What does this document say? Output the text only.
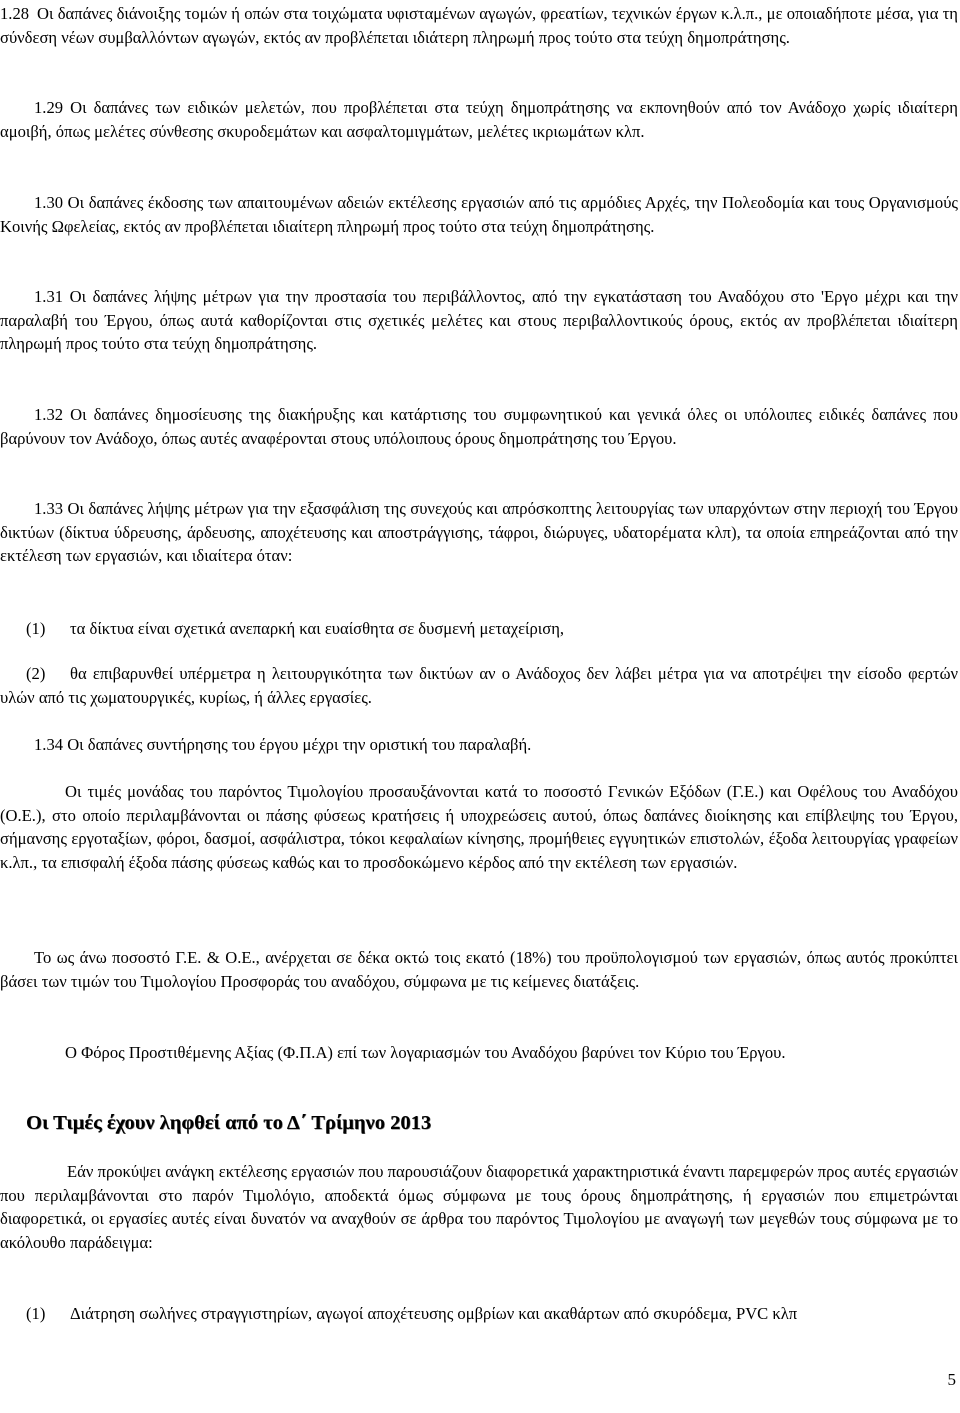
1.28 Οι δαπάνες διάνοιξης τομών ή οπών στα τοιχώματα υφισταμένων αγωγών, φρεατίων, τεχνικών έργων κ.λ.π., με οποιαδήποτε μέσα, για τη σύνδεση νέων συμβαλλόντων αγωγών, εκτός αν προβλέπεται ιδιάτερη πληρωμή προς τούτο στα τεύχη δημοπράτησης.

1.29 Οι δαπάνες των ειδικών μελετών, που προβλέπεται στα τεύχη δημοπράτησης να εκπονηθούν από τον Ανάδοχο χωρίς ιδιαίτερη αμοιβή, όπως μελέτες σύνθεσης σκυροδεμάτων και ασφαλτομιγμάτων, μελέτες ικριωμάτων κλπ.

1.30 Οι δαπάνες έκδοσης των απαιτουμένων αδειών εκτέλεσης εργασιών από τις αρμόδιες Αρχές, την Πολεοδομία και τους Οργανισμούς Κοινής Ωφελείας, εκτός αν προβλέπεται ιδιαίτερη πληρωμή προς τούτο στα τεύχη δημοπράτησης.

1.31 Οι δαπάνες λήψης μέτρων για την προστασία του περιβάλλοντος, από την εγκατάσταση του Αναδόχου στο 'Εργο μέχρι και την παραλαβή του Έργου, όπως αυτά καθορίζονται στις σχετικές μελέτες και στους περιβαλλοντικούς όρους, εκτός αν προβλέπεται ιδιαίτερη πληρωμή προς τούτο στα τεύχη δημοπράτησης.

1.32 Οι δαπάνες δημοσίευσης της διακήρυξης και κατάρτισης του συμφωνητικού και γενικά όλες οι υπόλοιπες ειδικές δαπάνες που βαρύνουν τον Ανάδοχο, όπως αυτές αναφέρονται στους υπόλοιπους όρους δημοπράτησης του Έργου.

1.33 Οι δαπάνες λήψης μέτρων για την εξασφάλιση της συνεχούς και απρόσκοπτης λειτουργίας των υπαρχόντων στην περιοχή του Έργου δικτύων (δίκτυα ύδρευσης, άρδευσης, αποχέτευσης και αποστράγγισης, τάφροι, διώρυγες, υδατορέματα κλπ), τα οποία επηρεάζονται από την εκτέλεση των εργασιών, και ιδιαίτερα όταν:

(1) τα δίκτυα είναι σχετικά ανεπαρκή και ευαίσθητα σε δυσμενή μεταχείριση,

(2) θα επιβαρυνθεί υπέρμετρα η λειτουργικότητα των δικτύων αν ο Ανάδοχος δεν λάβει μέτρα για να αποτρέψει την είσοδο φερτών υλών από τις χωματουργικές, κυρίως, ή άλλες εργασίες.

1.34 Οι δαπάνες συντήρησης του έργου μέχρι την οριστική του παραλαβή.

Οι τιμές μονάδας του παρόντος Τιμολογίου προσαυξάνονται κατά το ποσοστό Γενικών Εξόδων (Γ.Ε.) και Οφέλους του Αναδόχου (Ο.Ε.), στο οποίο περιλαμβάνονται οι πάσης φύσεως κρατήσεις ή υποχρεώσεις αυτού, όπως δαπάνες διοίκησης και επίβλεψης του Έργου, σήμανσης εργοταξίων, φόροι, δασμοί, ασφάλιστρα, τόκοι κεφαλαίων κίνησης, προμήθειες εγγυητικών επιστολών, έξοδα λειτουργίας γραφείων κ.λπ., τα επισφαλή έξοδα πάσης φύσεως καθώς και το προσδοκώμενο κέρδος από την εκτέλεση των εργασιών.

Το ως άνω ποσοστό Γ.Ε. & Ο.Ε., ανέρχεται σε δέκα οκτώ τοις εκατό (18%) του προϋπολογισμού των εργασιών, όπως αυτός προκύπτει βάσει των τιμών του Τιμολογίου Προσφοράς του αναδόχου, σύμφωνα με τις κείμενες διατάξεις.

Ο Φόρος Προστιθέμενης Αξίας (Φ.Π.Α) επί των λογαριασμών του Αναδόχου βαρύνει τον Κύριο του Έργου.

Οι Τιμές έχουν ληφθεί από το Δ΄ Τρίμηνο 2013

Εάν προκύψει ανάγκη εκτέλεσης εργασιών που παρουσιάζουν διαφορετικά χαρακτηριστικά έναντι παρεμφερών προς αυτές εργασιών που περιλαμβάνονται στο παρόν Τιμολόγιο, αποδεκτά όμως σύμφωνα με τους όρους δημοπράτησης, ή εργασιών που επιμετρώνται διαφορετικά, οι εργασίες αυτές είναι δυνατόν να αναχθούν σε άρθρα του παρόντος Τιμολογίου με αναγωγή των μεγεθών τους σύμφωνα με το ακόλουθο παράδειγμα:

(1) Διάτρηση σωλήνες στραγγιστηρίων, αγωγοί αποχέτευσης ομβρίων και ακαθάρτων από σκυρόδεμα, PVC κλπ

5
